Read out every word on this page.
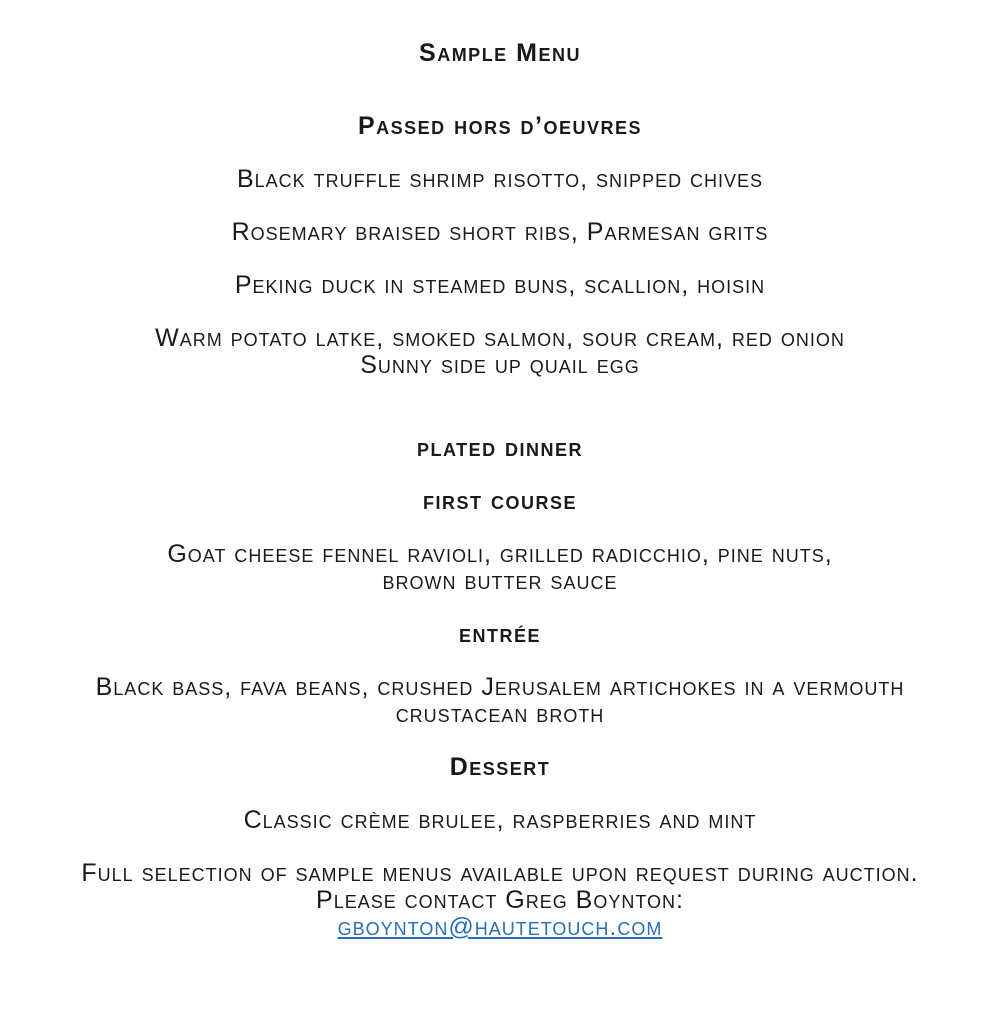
Sample Menu
Passed hors d’oeuvres

Black truffle shrimp risotto, snipped chives

Rosemary braised short ribs, Parmesan grits

Peking duck in steamed buns, scallion, hoisin

Warm potato latke, smoked salmon, sour cream, red onion
Sunny side up quail egg

plated dinner
first course

Goat cheese fennel ravioli, grilled radicchio, pine nuts,
brown butter sauce

entrée

Black bass, fava beans, crushed Jerusalem artichokes in a vermouth
crustacean broth

Dessert

Classic crème brulee, raspberries and mint

Full selection of sample menus available upon request during auction.
Please contact Greg Boynton:
gboynton@hautetouch.com
